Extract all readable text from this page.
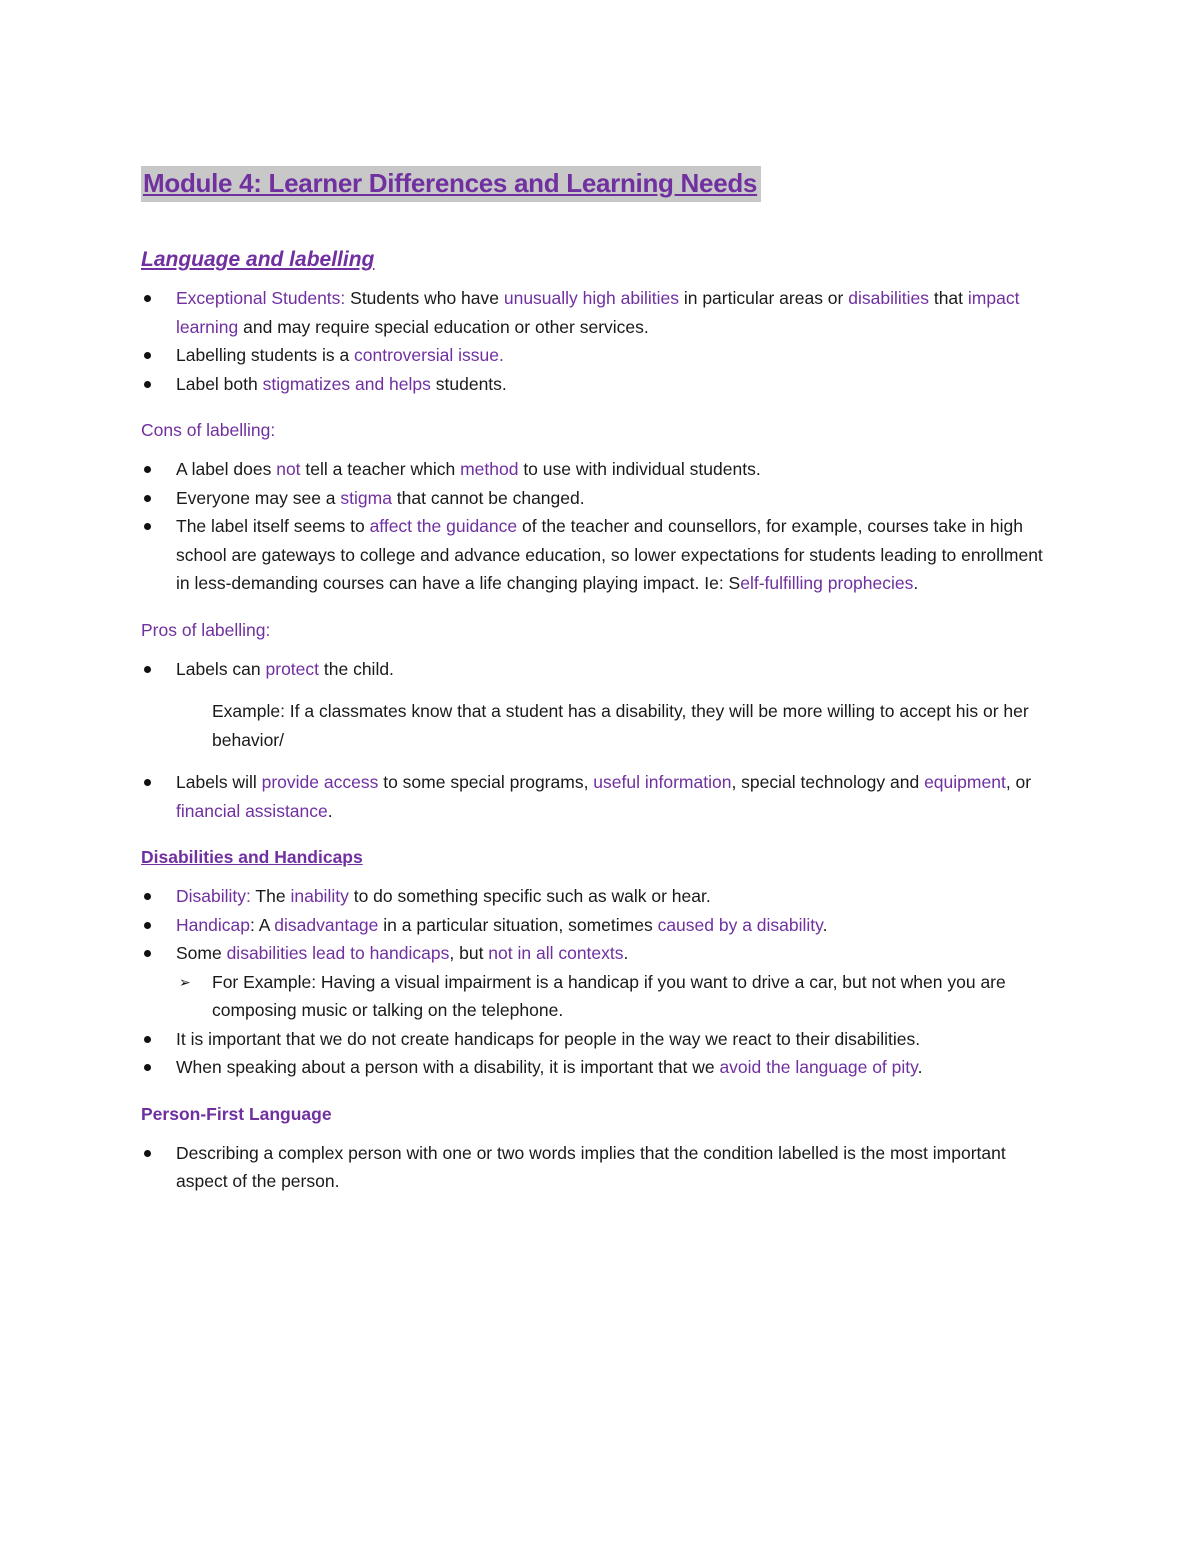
Module 4: Learner Differences and Learning Needs
Language and labelling
Exceptional Students: Students who have unusually high abilities in particular areas or disabilities that impact learning and may require special education or other services.
Labelling students is a controversial issue.
Label both stigmatizes and helps students.
Cons of labelling:
A label does not tell a teacher which method to use with individual students.
Everyone may see a stigma that cannot be changed.
The label itself seems to affect the guidance of the teacher and counsellors, for example, courses take in high school are gateways to college and advance education, so lower expectations for students leading to enrollment in less-demanding courses can have a life changing playing impact. Ie: Self-fulfilling prophecies.
Pros of labelling:
Labels can protect the child.
Example: If a classmates know that a student has a disability, they will be more willing to accept his or her behavior/
Labels will provide access to some special programs, useful information, special technology and equipment, or financial assistance.
Disabilities and Handicaps
Disability: The inability to do something specific such as walk or hear.
Handicap: A disadvantage in a particular situation, sometimes caused by a disability.
Some disabilities lead to handicaps, but not in all contexts.
➢ For Example: Having a visual impairment is a handicap if you want to drive a car, but not when you are composing music or talking on the telephone.
It is important that we do not create handicaps for people in the way we react to their disabilities.
When speaking about a person with a disability, it is important that we avoid the language of pity.
Person-First Language
Describing a complex person with one or two words implies that the condition labelled is the most important aspect of the person.
